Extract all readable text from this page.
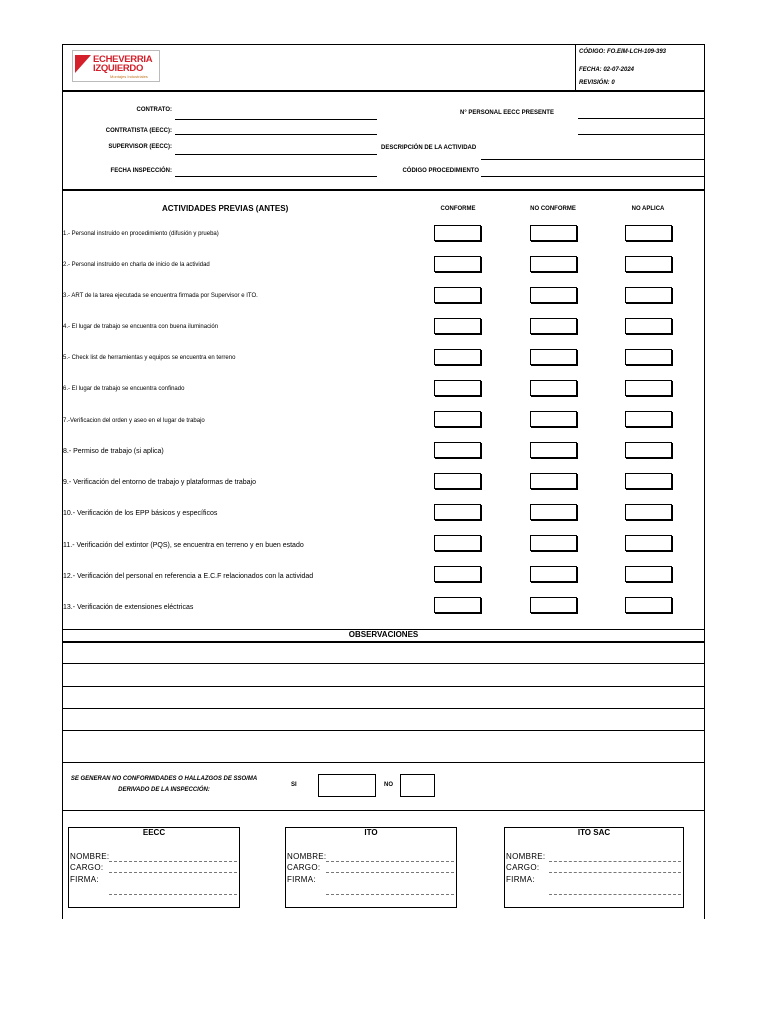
ECHEVERRIA
IZQUIERDO
Montajes Industriales
CÓDIGO: FO.EIM-LCH-109-393
FECHA: 02-07-2024
REVISIÓN: 0
CONTRATO:
CONTRATISTA (EECC):
SUPERVISOR (EECC):
FECHA INSPECCIÓN:
N° PERSONAL EECC PRESENTE
DESCRIPCIÓN DE LA ACTIVIDAD
CÓDIGO PROCEDIMIENTO
ACTIVIDADES PREVIAS (ANTES)	CONFORME	NO CONFORME	NO APLICA
1.- Personal instruido en procedimiento (difusión y prueba)
2.- Personal instruido en charla de inicio de la actividad
3.- ART de la tarea ejecutada se encuentra firmada por Supervisor e ITO.
4.- El lugar de trabajo se encuentra con buena iluminación
5.- Check list de herramientas y equipos se encuentra en terreno
6.- El lugar de trabajo se encuentra confinado
7.-Verificacion del orden y aseo en el lugar de trabajo
8.- Permiso de trabajo (si aplica)
9.- Verificación del entorno de trabajo y plataformas de trabajo
10.- Verificación de los EPP básicos y específicos
11.- Verificación del extintor (PQS), se encuentra en terreno y en buen estado
12.- Verificación del personal en referencia a E.C.F relacionados con la actividad
13.- Verificación de extensiones eléctricas
OBSERVACIONES
SE GENERAN NO CONFORMIDADES O HALLAZGOS DE SSO/MA
DERIVADO DE LA INSPECCIÓN:
SI	NO
EECC
NOMBRE:
CARGO:
FIRMA:
ITO
NOMBRE:
CARGO:
FIRMA:
ITO SAC
NOMBRE:
CARGO:
FIRMA:
